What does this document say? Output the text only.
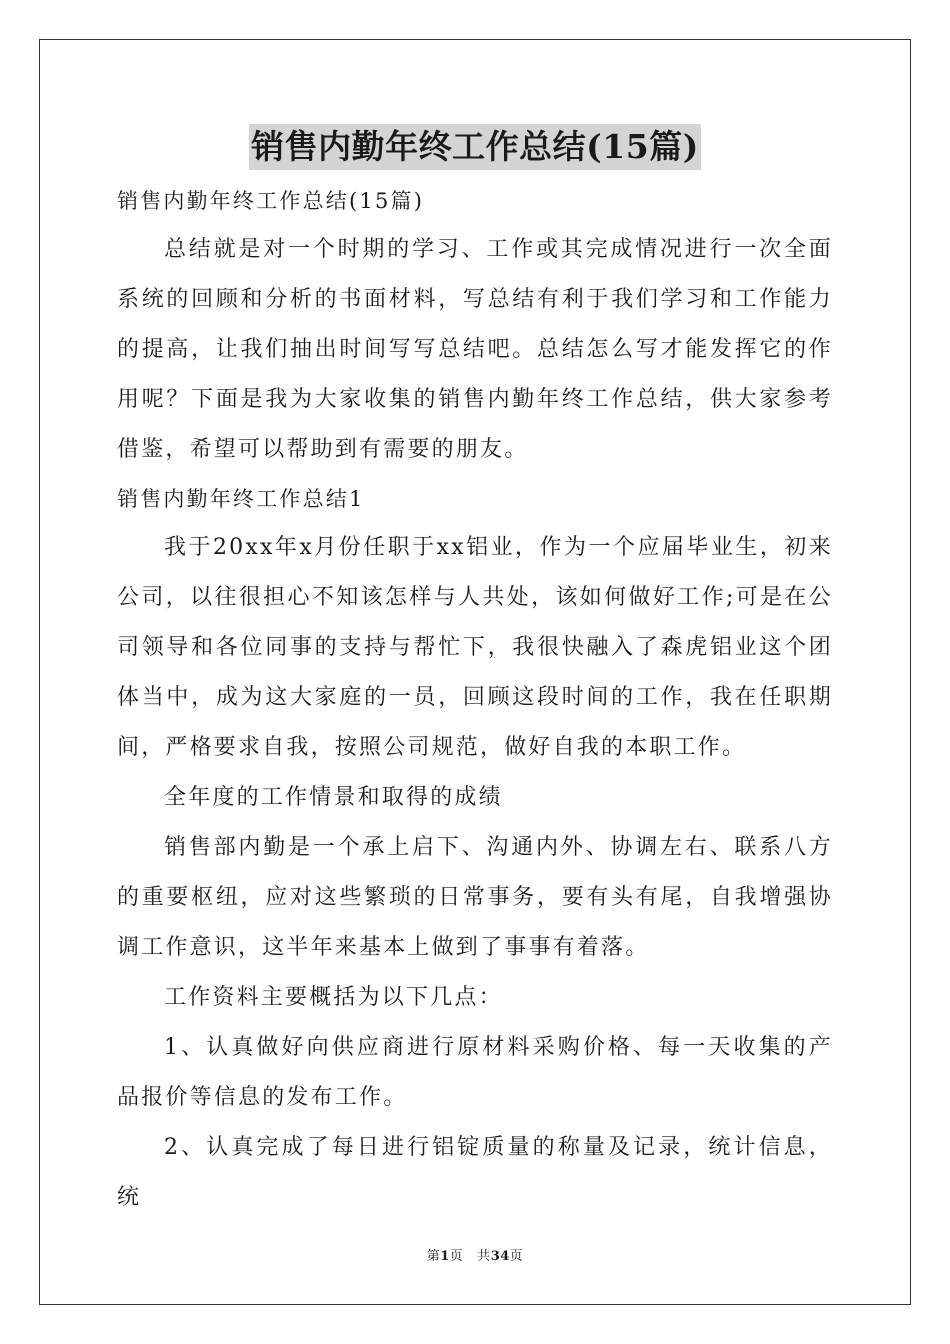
销售内勤年终工作总结(15篇)

销售内勤年终工作总结(15篇)

总结就是对一个时期的学习、工作或其完成情况进行一次全面系统的回顾和分析的书面材料，写总结有利于我们学习和工作能力的提高，让我们抽出时间写写总结吧。总结怎么写才能发挥它的作用呢？下面是我为大家收集的销售内勤年终工作总结，供大家参考借鉴，希望可以帮助到有需要的朋友。

销售内勤年终工作总结1

我于20xx年x月份任职于xx铝业，作为一个应届毕业生，初来公司，以往很担心不知该怎样与人共处，该如何做好工作;可是在公司领导和各位同事的支持与帮忙下，我很快融入了森虎铝业这个团体当中，成为这大家庭的一员，回顾这段时间的工作，我在任职期间，严格要求自我，按照公司规范，做好自我的本职工作。

全年度的工作情景和取得的成绩

销售部内勤是一个承上启下、沟通内外、协调左右、联系八方的重要枢纽，应对这些繁琐的日常事务，要有头有尾，自我增强协调工作意识，这半年来基本上做到了事事有着落。

工作资料主要概括为以下几点：

1、认真做好向供应商进行原材料采购价格、每一天收集的产品报价等信息的发布工作。

2、认真完成了每日进行铝锭质量的称量及记录，统计信息，统

第1页 共34页
